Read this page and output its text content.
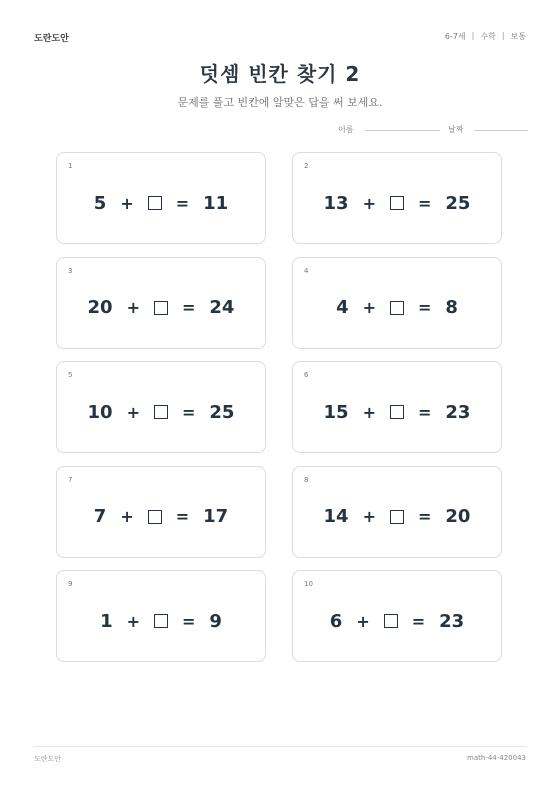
도란도안	6-7세 | 수학 | 보통
덧셈 빈칸 찾기 2
문제를 풀고 빈칸에 알맞은 답을 써 보세요.
이름	날짜
1
5 +	= 11
2
13 +	= 25
3
20 +	= 24
4
4 +	= 8
5
10 +	= 25
6
15 +	= 23
7
7 +	= 17
8
14 +	= 20
9
1 +	= 9
10
6 +	= 23
도란도안	math-44-420043
